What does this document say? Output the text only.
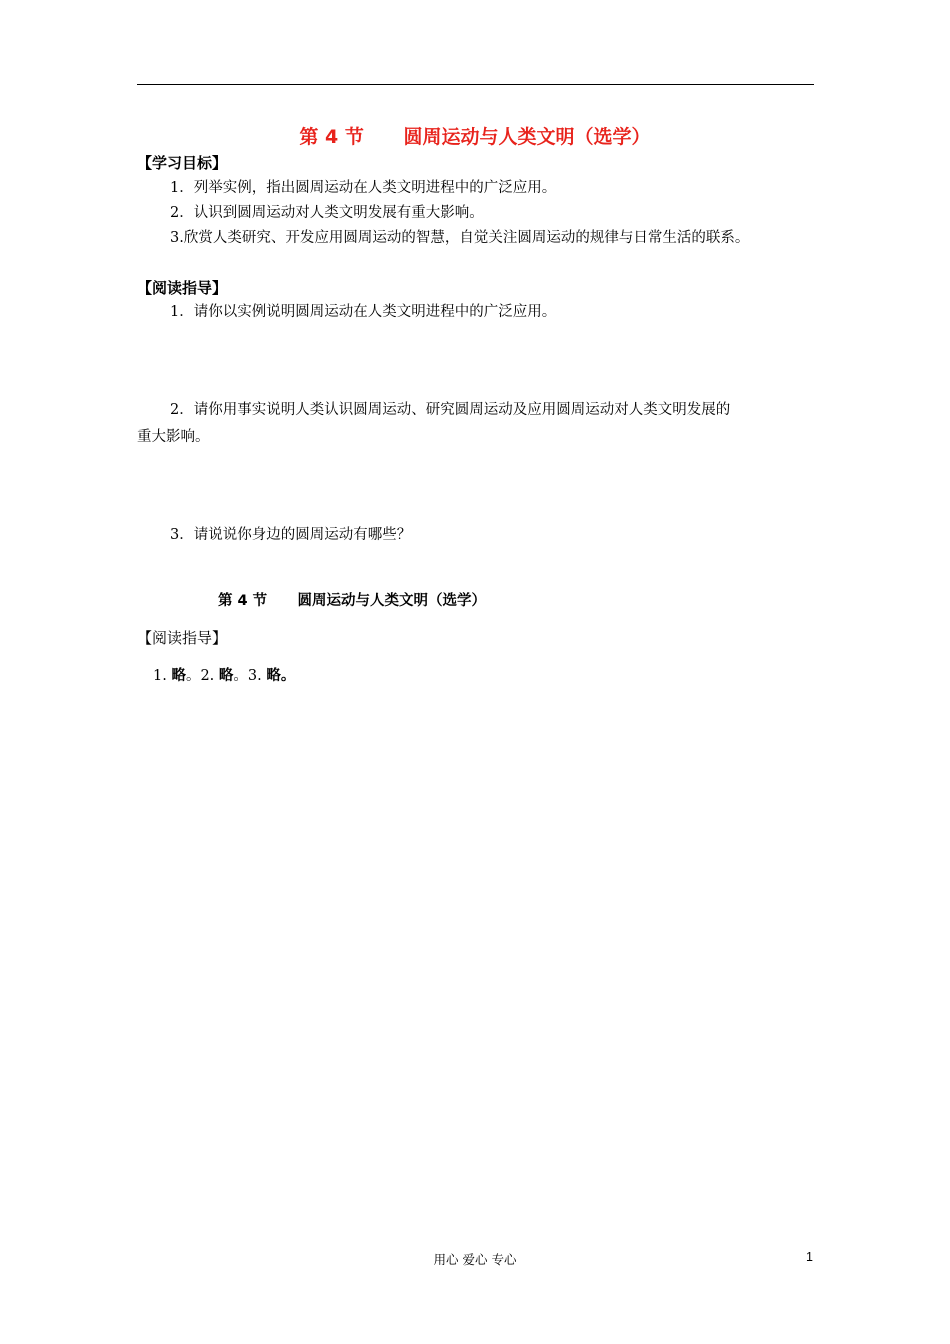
第 4 节      圆周运动与人类文明（选学）
【学习目标】
1．列举实例，指出圆周运动在人类文明进程中的广泛应用。
2．认识到圆周运动对人类文明发展有重大影响。
3.欣赏人类研究、开发应用圆周运动的智慧，自觉关注圆周运动的规律与日常生活的联系。
【阅读指导】
1．请你以实例说明圆周运动在人类文明进程中的广泛应用。
2．请你用事实说明人类认识圆周运动、研究圆周运动及应用圆周运动对人类文明发展的
重大影响。
3．请说说你身边的圆周运动有哪些？
第 4 节      圆周运动与人类文明（选学）
【阅读指导】
1. 略。2. 略。3. 略。
用心 爱心 专心	1
